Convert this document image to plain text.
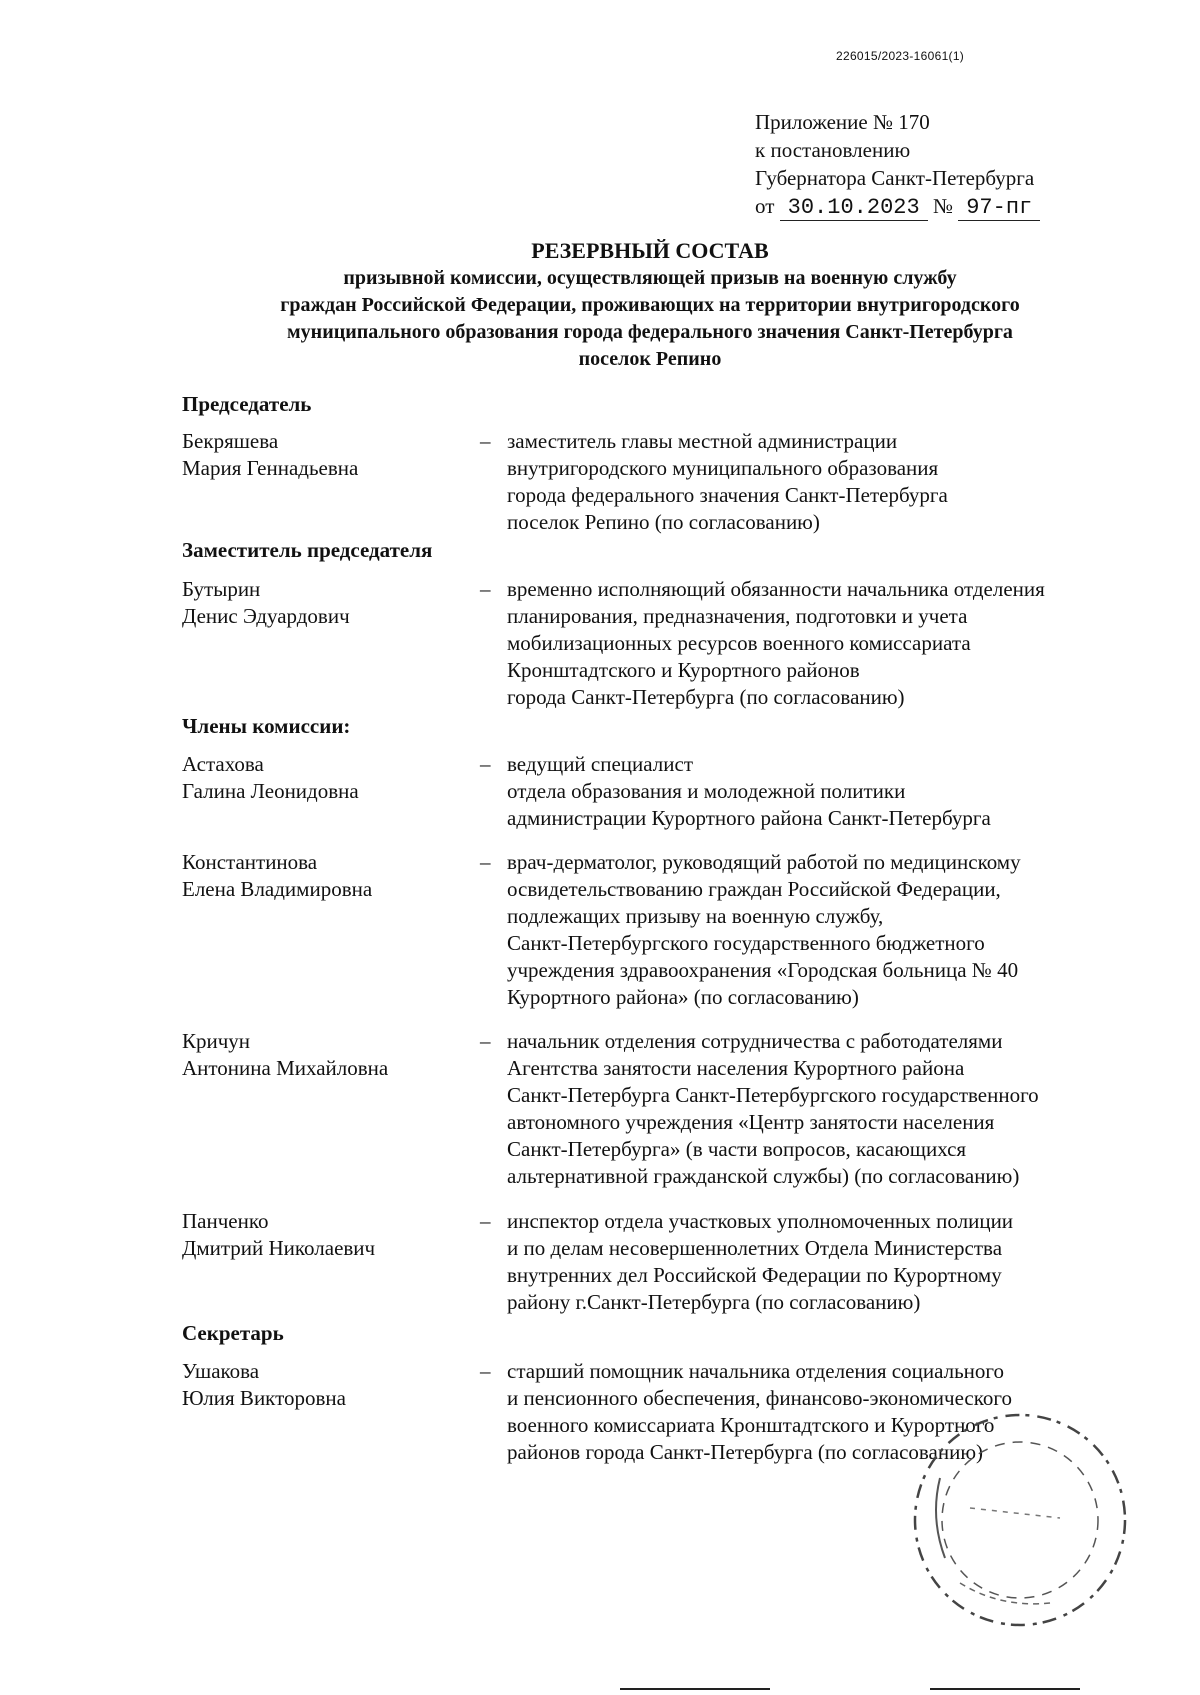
226015/2023-16061(1)
Приложение № 170
к постановлению
Губернатора Санкт-Петербурга
от 30.10.2023 № 97-пг
РЕЗЕРВНЫЙ СОСТАВ
призывной комиссии, осуществляющей призыв на военную службу
граждан Российской Федерации, проживающих на территории внутригородского
муниципального образования города федерального значения Санкт-Петербурга
поселок Репино
Председатель
Бекряшева
Мария Геннадьевна
– заместитель главы местной администрации
внутригородского муниципального образования
города федерального значения Санкт-Петербурга
поселок Репино (по согласованию)
Заместитель председателя
Бутырин
Денис Эдуардович
– временно исполняющий обязанности начальника отделения
планирования, предназначения, подготовки и учета
мобилизационных ресурсов военного комиссариата
Кронштадтского и Курортного районов
города Санкт-Петербурга (по согласованию)
Члены комиссии:
Астахова
Галина Леонидовна
– ведущий специалист
отдела образования и молодежной политики
администрации Курортного района Санкт-Петербурга
Константинова
Елена Владимировна
– врач-дерматолог, руководящий работой по медицинскому
освидетельствованию граждан Российской Федерации,
подлежащих призыву на военную службу,
Санкт-Петербургского государственного бюджетного
учреждения здравоохранения «Городская больница № 40
Курортного района» (по согласованию)
Кричун
Антонина Михайловна
– начальник отделения сотрудничества с работодателями
Агентства занятости населения Курортного района
Санкт-Петербурга Санкт-Петербургского государственного
автономного учреждения «Центр занятости населения
Санкт-Петербурга» (в части вопросов, касающихся
альтернативной гражданской службы) (по согласованию)
Панченко
Дмитрий Николаевич
– инспектор отдела участковых уполномоченных полиции
и по делам несовершеннолетних Отдела Министерства
внутренних дел Российской Федерации по Курортному
району г.Санкт-Петербурга (по согласованию)
Секретарь
Ушакова
Юлия Викторовна
– старший помощник начальника отделения социального
и пенсионного обеспечения, финансово-экономического
военного комиссариата Кронштадтского и Курортного
районов города Санкт-Петербурга (по согласованию)
